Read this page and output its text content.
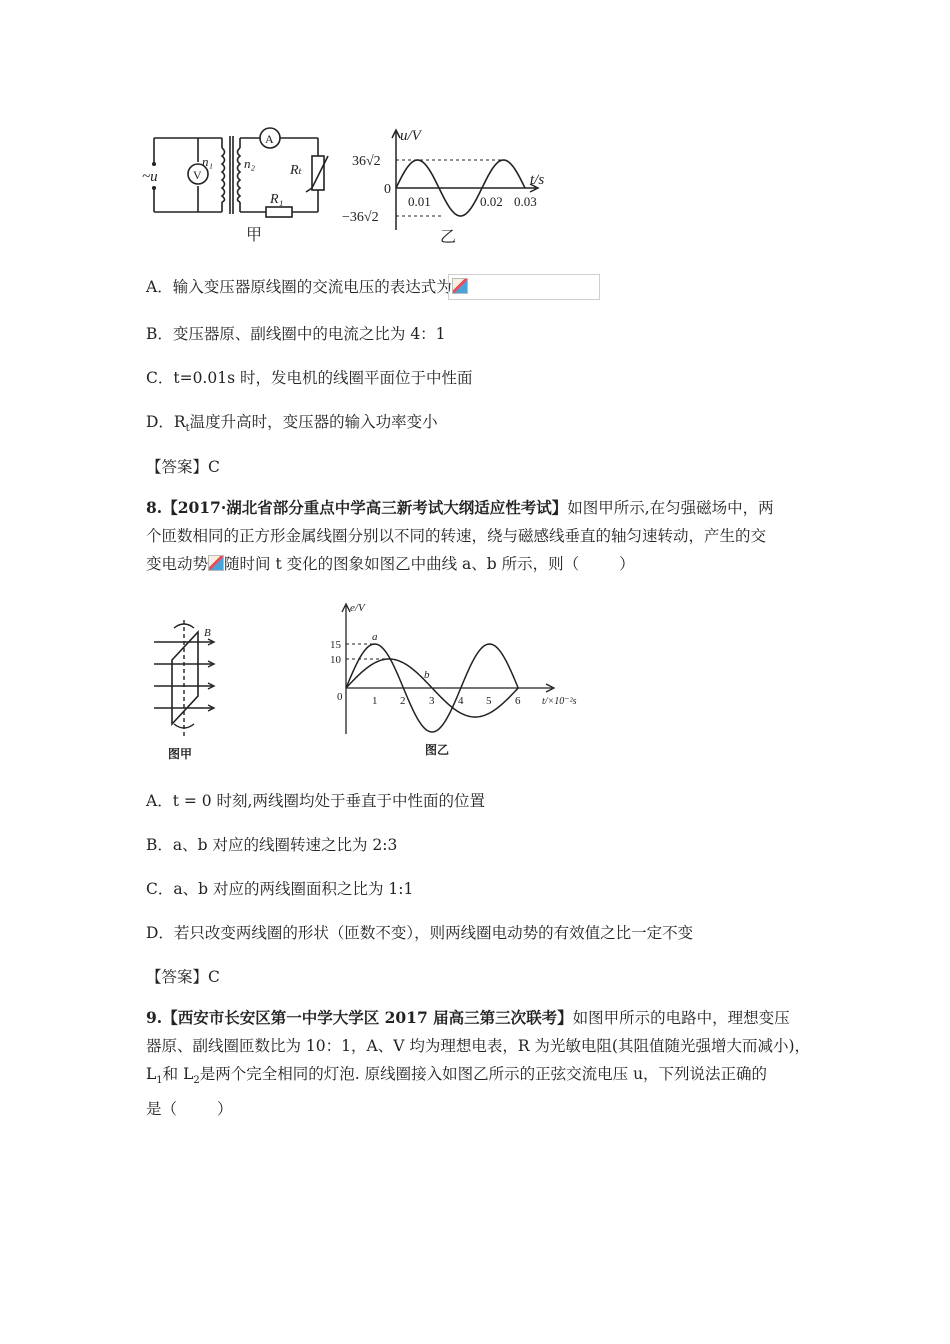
~u	V
A
n₁ n₂ Rₜ
R₁
甲
u/V
t/s
36√2
0
−36√2
0.01	0.02 0.03
乙
A．输入变压器原线圈的交流电压的表达式为
B．变压器原、副线圈中的电流之比为 4：1
C．t=0.01s 时，发电机的线圈平面位于中性面
D．$R_t$温度升高时，变压器的输入功率变小
【答案】C
8.【2017·湖北省部分重点中学高三新考试大纲适应性考试】如图甲所示,在匀强磁场中，两
个匝数相同的正方形金属线圈分别以不同的转速，绕与磁感线垂直的轴匀速转动，产生的交
变电动势 随时间 t 变化的图象如图乙中曲线 a、b 所示，则（	）
B
图甲
e/V
t/×10⁻²s
15
10
0	1 2 3 4 5 6
a
b
图乙
A．t = 0 时刻,两线圈均处于垂直于中性面的位置
B．a、b 对应的线圈转速之比为 2:3
C．a、b 对应的两线圈面积之比为 1:1
D．若只改变两线圈的形状（匝数不变），则两线圈电动势的有效值之比一定不变
【答案】C
9.【西安市长安区第一中学大学区 2017 届高三第三次联考】如图甲所示的电路中，理想变压
器原、副线圈匝数比为 10：1，A、V 均为理想电表，R 为光敏电阻(其阻值随光强增大而减小)，
$L_1$和 $L_2$是两个完全相同的灯泡. 原线圈接入如图乙所示的正弦交流电压 u，下列说法正确的
是（	）
